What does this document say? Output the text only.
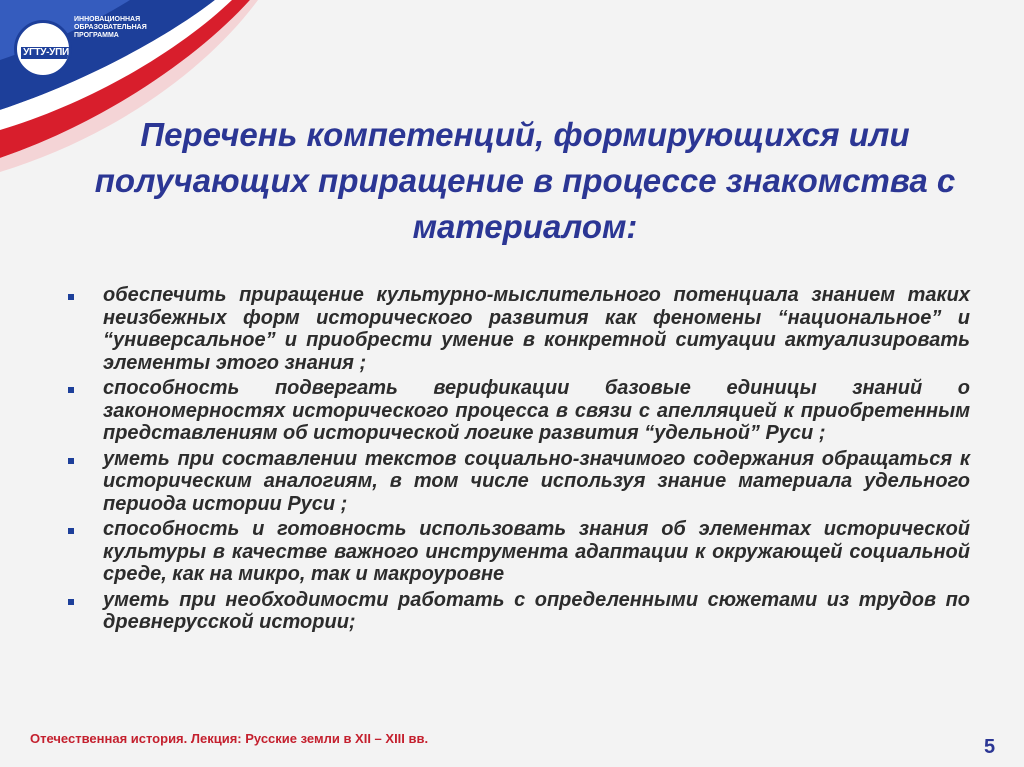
УГТУ-УПИ
ИННОВАЦИОННАЯ ОБРАЗОВАТЕЛЬНАЯ ПРОГРАММА
Перечень компетенций, формирующихся или получающих приращение в процессе знакомства с материалом:
обеспечить приращение культурно-мыслительного потенциала знанием таких неизбежных форм исторического развития как феномены “национальное” и “универсальное” и приобрести умение в конкретной ситуации актуализировать элементы этого знания ;
способность подвергать верификации базовые единицы знаний о закономерностях исторического процесса в связи с апелляцией к приобретенным представлениям об исторической логике развития “удельной” Руси ;
уметь при составлении текстов социально-значимого содержания обращаться к историческим аналогиям, в том числе используя знание материала удельного периода истории Руси ;
способность и готовность использовать знания об элементах исторической культуры в качестве важного инструмента адаптации к окружающей социальной среде, как на микро, так и макроуровне
уметь при необходимости работать с определенными сюжетами из трудов по древнерусской истории;
Отечественная история. Лекция: Русские земли в XII – XIII вв.	5
